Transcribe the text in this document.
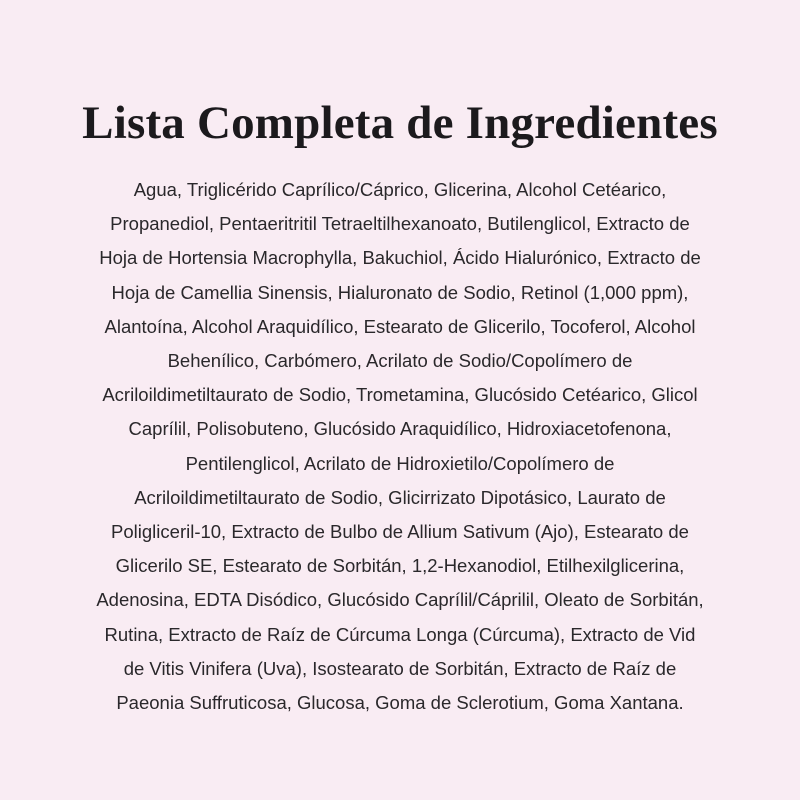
Lista Completa de Ingredientes

Agua, Triglicérido Caprílico/Cáprico, Glicerina, Alcohol Cetéarico,
Propanediol, Pentaeritritil Tetraeltilhexanoato, Butilenglicol, Extracto de
Hoja de Hortensia Macrophylla, Bakuchiol, Ácido Hialurónico, Extracto de
Hoja de Camellia Sinensis, Hialuronato de Sodio, Retinol (1,000 ppm),
Alantoína, Alcohol Araquidílico, Estearato de Glicerilo, Tocoferol, Alcohol
Behenílico, Carbómero, Acrilato de Sodio/Copolímero de
Acriloildimetiltaurato de Sodio, Trometamina, Glucósido Cetéarico, Glicol
Caprílil, Polisobuteno, Glucósido Araquidílico, Hidroxiacetofenona,
Pentilenglicol, Acrilato de Hidroxietilo/Copolímero de
Acriloildimetiltaurato de Sodio, Glicirrizato Dipotásico, Laurato de
Poligliceril-10, Extracto de Bulbo de Allium Sativum (Ajo), Estearato de
Glicerilo SE, Estearato de Sorbitán, 1,2-Hexanodiol, Etilhexilglicerina,
Adenosina, EDTA Disódico, Glucósido Caprílil/Cáprilil, Oleato de Sorbitán,
Rutina, Extracto de Raíz de Cúrcuma Longa (Cúrcuma), Extracto de Vid
de Vitis Vinifera (Uva), Isostearato de Sorbitán, Extracto de Raíz de
Paeonia Suffruticosa, Glucosa, Goma de Sclerotium, Goma Xantana.
